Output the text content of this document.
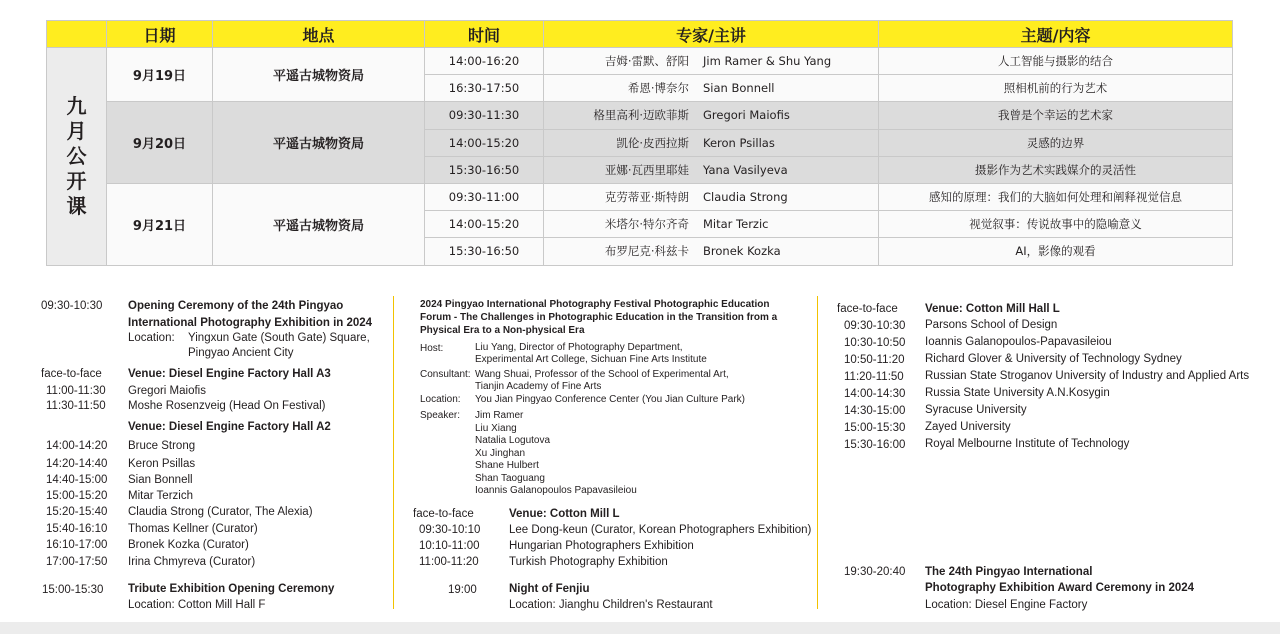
	日期	地点	时间	专家/主讲	主题/内容
九
月
公
开
课	9月19日	平遥古城物资局	14:00-16:20	吉姆·雷默、舒阳 Jim Ramer & Shu Yang	人工智能与摄影的结合
			16:30-17:50	希恩·博奈尔 Sian Bonnell	照相机前的行为艺术
	9月20日	平遥古城物资局	09:30-11:30	格里高利·迈欧菲斯 Gregori Maiofis	我曾是个幸运的艺术家
			14:00-15:20	凯伦·皮西拉斯 Keron Psillas	灵感的边界
			15:30-16:50	亚娜·瓦西里耶娃 Yana Vasilyeva	摄影作为艺术实践媒介的灵活性
	9月21日	平遥古城物资局	09:30-11:00	克劳蒂亚·斯特朗 Claudia Strong	感知的原理：我们的大脑如何处理和阐释视觉信息
			14:00-15:20	米塔尔·特尔齐奇 Mitar Terzic	视觉叙事：传说故事中的隐喻意义
			15:30-16:50	布罗尼克·科兹卡 Bronek Kozka	AI，影像的观看
09:30-10:30 Opening Ceremony of the 24th Pingyao
International Photography Exhibition in 2024
Location: Yingxun Gate (South Gate) Square,
Pingyao Ancient City
face-to-face Venue: Diesel Engine Factory Hall A3
11:00-11:30 Gregori Maiofis
11:30-11:50 Moshe Rosenzveig (Head On Festival)
Venue: Diesel Engine Factory Hall A2
14:00-14:20 Bruce Strong
14:20-14:40 Keron Psillas
14:40-15:00 Sian Bonnell
15:00-15:20 Mitar Terzich
15:20-15:40 Claudia Strong (Curator, The Alexia)
15:40-16:10 Thomas Kellner (Curator)
16:10-17:00 Bronek Kozka (Curator)
17:00-17:50 Irina Chmyreva (Curator)
15:00-15:30 Tribute Exhibition Opening Ceremony
Location: Cotton Mill Hall F
2024 Pingyao International Photography Festival Photographic Education
Forum - The Challenges in Photographic Education in the Transition from a
Physical Era to a Non-physical Era
Host:	Liu Yang, Director of Photography Department,
Experimental Art College, Sichuan Fine Arts Institute
Consultant: Wang Shuai, Professor of the School of Experimental Art,
Tianjin Academy of Fine Arts
Location: You Jian Pingyao Conference Center (You Jian Culture Park)
Speaker: Jim Ramer
Liu Xiang
Natalia Logutova
Xu Jinghan
Shane Hulbert
Shan Taoguang
Ioannis Galanopoulos Papavasileiou
face-to-face	Venue: Cotton Mill L
09:30-10:10 Lee Dong-keun (Curator, Korean Photographers Exhibition)
10:10-11:00	Hungarian Photographers Exhibition
11:00-11:20	Turkish Photography Exhibition
19:00	Night of Fenjiu
Location: Jianghu Children's Restaurant
face-to-face Venue: Cotton Mill Hall L
09:30-10:30 Parsons School of Design
10:30-10:50 Ioannis Galanopoulos-Papavasileiou
10:50-11:20 Richard Glover & University of Technology Sydney
11:20-11:50 Russian State Stroganov University of Industry and Applied Arts
14:00-14:30 Russia State University A.N.Kosygin
14:30-15:00 Syracuse University
15:00-15:30 Zayed University
15:30-16:00 Royal Melbourne Institute of Technology
19:30-20:40 The 24th Pingyao International
Photography Exhibition Award Ceremony in 2024
Location: Diesel Engine Factory
